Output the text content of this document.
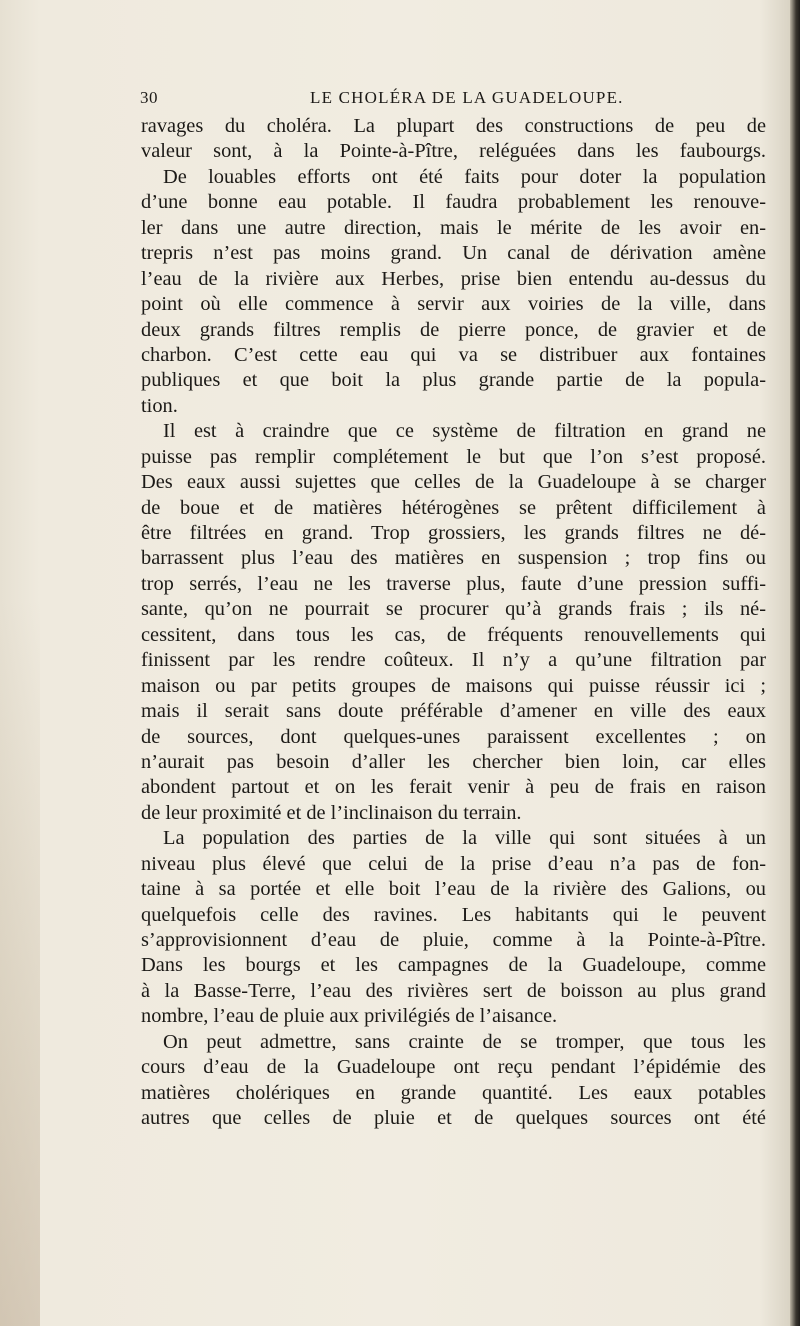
30	LE CHOLÉRA DE LA GUADELOUPE.
ravages du choléra. La plupart des constructions de peu de
valeur sont, à la Pointe-à-Pître, reléguées dans les faubourgs.
De louables efforts ont été faits pour doter la population
d’une bonne eau potable. Il faudra probablement les renouve-
ler dans une autre direction, mais le mérite de les avoir en-
trepris n’est pas moins grand. Un canal de dérivation amène
l’eau de la rivière aux Herbes, prise bien entendu au-dessus du
point où elle commence à servir aux voiries de la ville, dans
deux grands filtres remplis de pierre ponce, de gravier et de
charbon. C’est cette eau qui va se distribuer aux fontaines
publiques et que boit la plus grande partie de la popula-
tion.
Il est à craindre que ce système de filtration en grand ne
puisse pas remplir complétement le but que l’on s’est proposé.
Des eaux aussi sujettes que celles de la Guadeloupe à se charger
de boue et de matières hétérogènes se prêtent difficilement à
être filtrées en grand. Trop grossiers, les grands filtres ne dé-
barrassent plus l’eau des matières en suspension ; trop fins ou
trop serrés, l’eau ne les traverse plus, faute d’une pression suffi-
sante, qu’on ne pourrait se procurer qu’à grands frais ; ils né-
cessitent, dans tous les cas, de fréquents renouvellements qui
finissent par les rendre coûteux. Il n’y a qu’une filtration par
maison ou par petits groupes de maisons qui puisse réussir ici ;
mais il serait sans doute préférable d’amener en ville des eaux
de sources, dont quelques-unes paraissent excellentes ; on
n’aurait pas besoin d’aller les chercher bien loin, car elles
abondent partout et on les ferait venir à peu de frais en raison
de leur proximité et de l’inclinaison du terrain.
La population des parties de la ville qui sont situées à un
niveau plus élevé que celui de la prise d’eau n’a pas de fon-
taine à sa portée et elle boit l’eau de la rivière des Galions, ou
quelquefois celle des ravines. Les habitants qui le peuvent
s’approvisionnent d’eau de pluie, comme à la Pointe-à-Pître.
Dans les bourgs et les campagnes de la Guadeloupe, comme
à la Basse-Terre, l’eau des rivières sert de boisson au plus grand
nombre, l’eau de pluie aux privilégiés de l’aisance.
On peut admettre, sans crainte de se tromper, que tous les
cours d’eau de la Guadeloupe ont reçu pendant l’épidémie des
matières cholériques en grande quantité. Les eaux potables
autres que celles de pluie et de quelques sources ont été
